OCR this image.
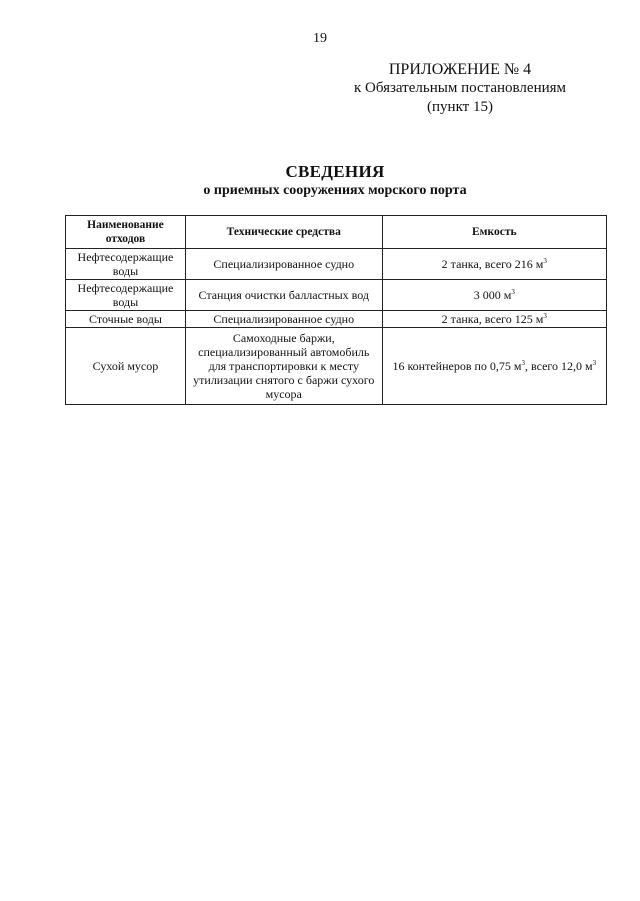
19
ПРИЛОЖЕНИЕ № 4
к Обязательным постановлениям
(пункт 15)
СВЕДЕНИЯ
о приемных сооружениях морского порта
Наименование отходов	Технические средства	Емкость
Нефтесодержащие воды	Специализированное судно	2 танка, всего 216 $м^3$
Нефтесодержащие воды	Станция очистки балластных вод	3 000 $м^3$
Сточные воды	Специализированное судно	2 танка, всего 125 $м^3$
Сухой мусор	Самоходные баржи, специализированный автомобиль для транспортировки к месту утилизации снятого с баржи сухого мусора	16 контейнеров по 0,75 $м^3$, всего 12,0 $м^3$
